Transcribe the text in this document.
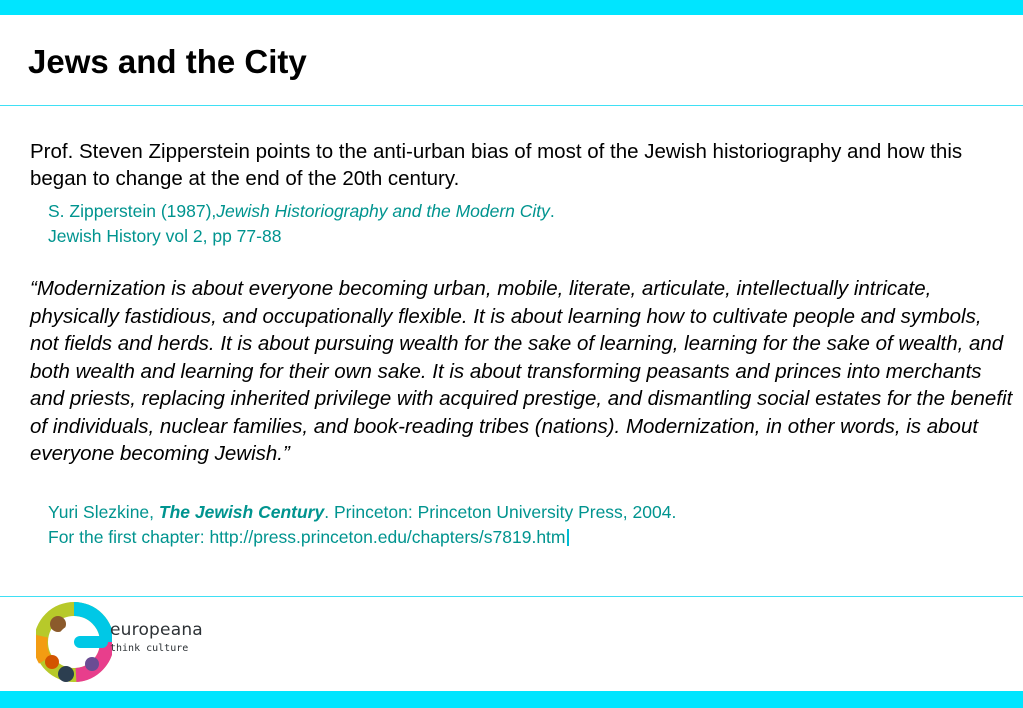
Jews and the City

Prof. Steven Zipperstein points to the anti-urban bias of most of the Jewish historiography and how this began to change at the end of the 20th century.

S. Zipperstein (1987),Jewish Historiography and the Modern City.
Jewish History vol 2, pp 77-88

“Modernization is about everyone becoming urban, mobile, literate, articulate, intellectually intricate, physically fastidious, and occupationally flexible. It is about learning how to cultivate people and symbols, not fields and herds. It is about pursuing wealth for the sake of learning, learning for the sake of wealth, and both wealth and learning for their own sake. It is about transforming peasants and princes into merchants and priests, replacing inherited privilege with acquired prestige, and dismantling social estates for the benefit of individuals, nuclear families, and book-reading tribes (nations). Modernization, in other words, is about everyone becoming Jewish.”

Yuri Slezkine, The Jewish Century. Princeton: Princeton University Press, 2004.
For the first chapter: http://press.princeton.edu/chapters/s7819.htm
europeana
think culture
